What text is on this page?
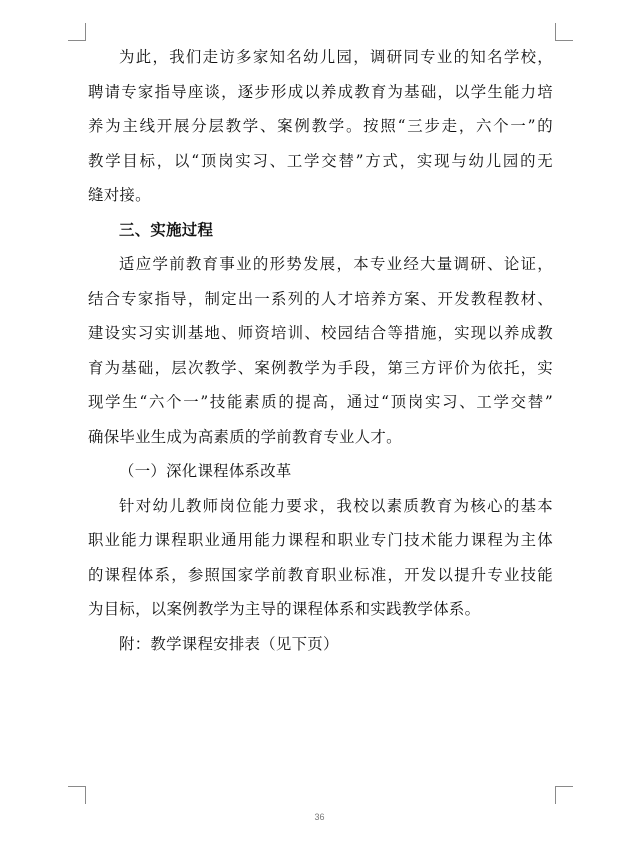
为此，我们走访多家知名幼儿园，调研同专业的知名学校，
聘请专家指导座谈，逐步形成以养成教育为基础，以学生能力培
养为主线开展分层教学、案例教学。按照“三步走，六个一”的
教学目标，以“顶岗实习、工学交替”方式，实现与幼儿园的无
缝对接。
三、实施过程
适应学前教育事业的形势发展，本专业经大量调研、论证，
结合专家指导，制定出一系列的人才培养方案、开发教程教材、
建设实习实训基地、师资培训、校园结合等措施，实现以养成教
育为基础，层次教学、案例教学为手段，第三方评价为依托，实
现学生“六个一”技能素质的提高，通过“顶岗实习、工学交替”
确保毕业生成为高素质的学前教育专业人才。
（一）深化课程体系改革
针对幼儿教师岗位能力要求，我校以素质教育为核心的基本
职业能力课程职业通用能力课程和职业专门技术能力课程为主体
的课程体系，参照国家学前教育职业标准，开发以提升专业技能
为目标，以案例教学为主导的课程体系和实践教学体系。
附：教学课程安排表（见下页）
36
